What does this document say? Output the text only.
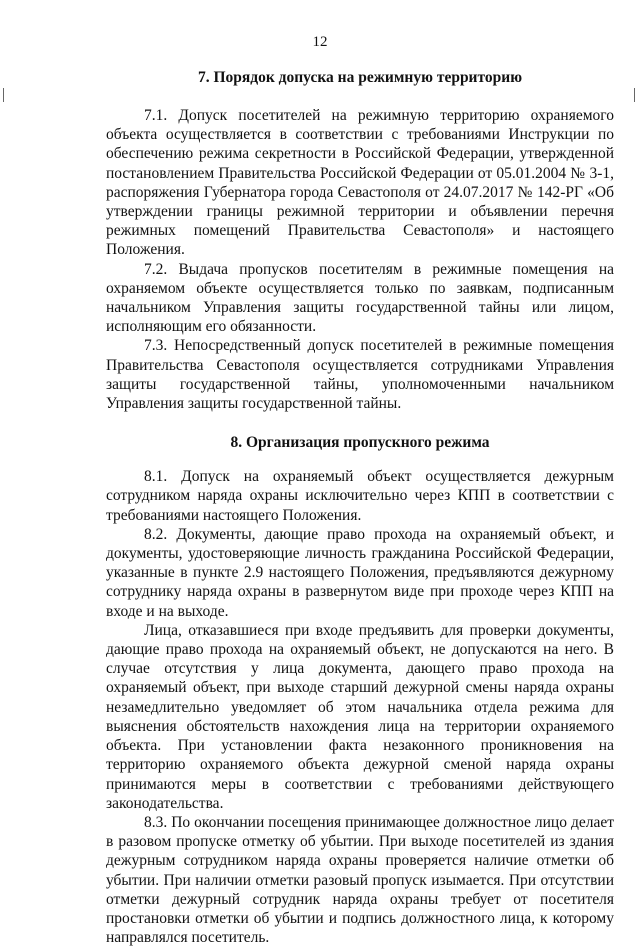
12
7. Порядок допуска на режимную территорию

7.1. Допуск посетителей на режимную территорию охраняемого объекта осуществляется в соответствии с требованиями Инструкции по обеспечению режима секретности в Российской Федерации, утвержденной постановлением Правительства Российской Федерации от 05.01.2004 № 3-1, распоряжения Губернатора города Севастополя от 24.07.2017 № 142-РГ «Об утверждении границы режимной территории и объявлении перечня режимных помещений Правительства Севастополя» и настоящего Положения.

7.2. Выдача пропусков посетителям в режимные помещения на охраняемом объекте осуществляется только по заявкам, подписанным начальником Управления защиты государственной тайны или лицом, исполняющим его обязанности.

7.3. Непосредственный допуск посетителей в режимные помещения Правительства Севастополя осуществляется сотрудниками Управления защиты государственной тайны, уполномоченными начальником Управления защиты государственной тайны.

8. Организация пропускного режима

8.1. Допуск на охраняемый объект осуществляется дежурным сотрудником наряда охраны исключительно через КПП в соответствии с требованиями настоящего Положения.

8.2. Документы, дающие право прохода на охраняемый объект, и документы, удостоверяющие личность гражданина Российской Федерации, указанные в пункте 2.9 настоящего Положения, предъявляются дежурному сотруднику наряда охраны в развернутом виде при проходе через КПП на входе и на выходе.

Лица, отказавшиеся при входе предъявить для проверки документы, дающие право прохода на охраняемый объект, не допускаются на него. В случае отсутствия у лица документа, дающего право прохода на охраняемый объект, при выходе старший дежурной смены наряда охраны незамедлительно уведомляет об этом начальника отдела режима для выяснения обстоятельств нахождения лица на территории охраняемого объекта. При установлении факта незаконного проникновения на территорию охраняемого объекта дежурной сменой наряда охраны принимаются меры в соответствии с требованиями действующего законодательства.

8.3. По окончании посещения принимающее должностное лицо делает в разовом пропуске отметку об убытии. При выходе посетителей из здания дежурным сотрудником наряда охраны проверяется наличие отметки об убытии. При наличии отметки разовый пропуск изымается. При отсутствии отметки дежурный сотрудник наряда охраны требует от посетителя простановки отметки об убытии и подпись должностного лица, к которому направлялся посетитель.
